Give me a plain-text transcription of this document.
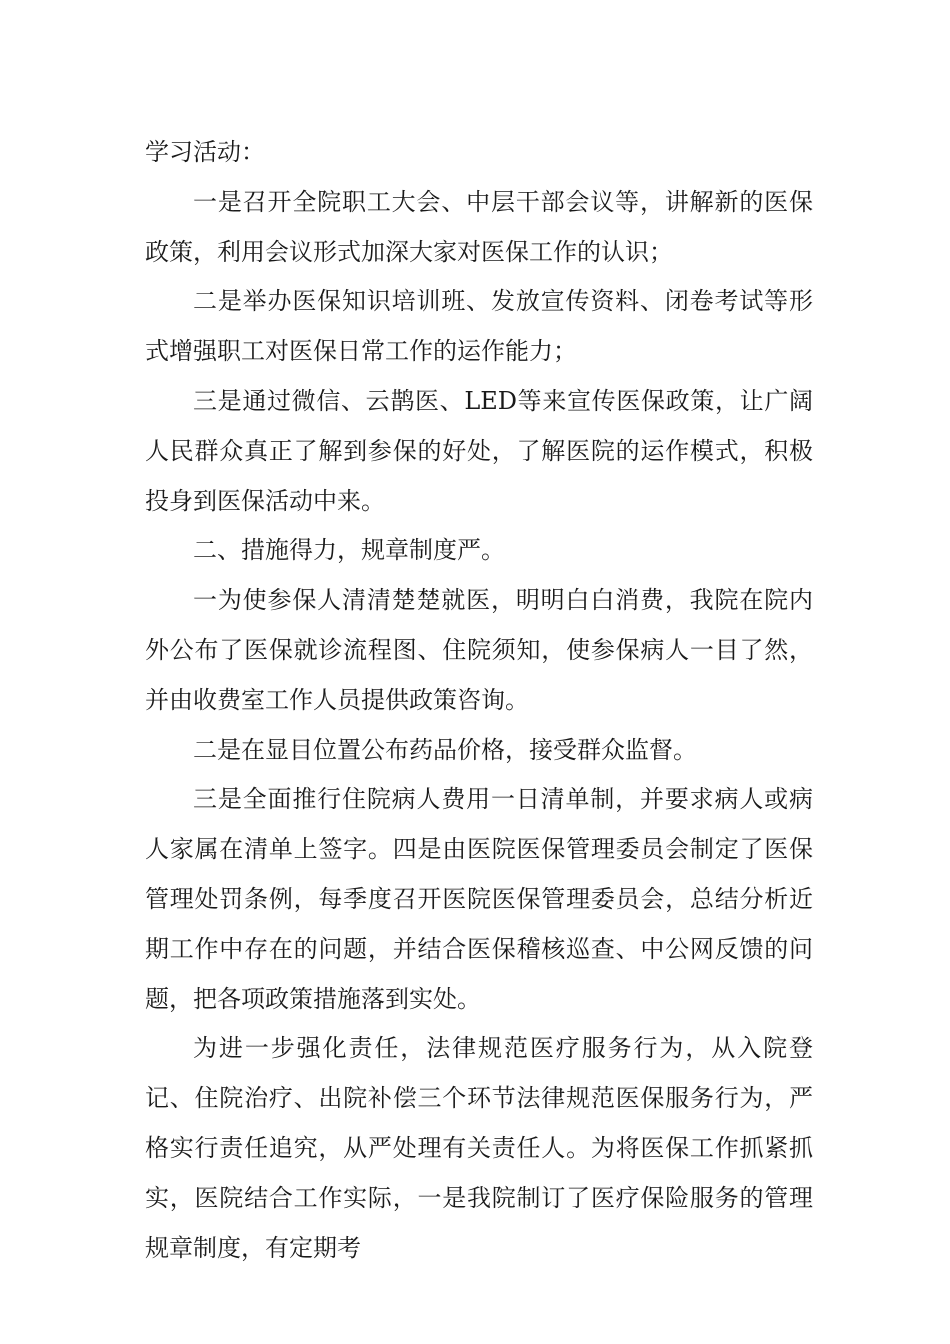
学习活动：

一是召开全院职工大会、中层干部会议等，讲解新的医保政策，利用会议形式加深大家对医保工作的认识；

二是举办医保知识培训班、发放宣传资料、闭卷考试等形式增强职工对医保日常工作的运作能力；

三是通过微信、云鹊医、LED等来宣传医保政策，让广阔人民群众真正了解到参保的好处，了解医院的运作模式，积极投身到医保活动中来。

二、措施得力，规章制度严。

一为使参保人清清楚楚就医，明明白白消费，我院在院内外公布了医保就诊流程图、住院须知，使参保病人一目了然，并由收费室工作人员提供政策咨询。

二是在显目位置公布药品价格，接受群众监督。

三是全面推行住院病人费用一日清单制，并要求病人或病人家属在清单上签字。四是由医院医保管理委员会制定了医保管理处罚条例，每季度召开医院医保管理委员会，总结分析近期工作中存在的问题，并结合医保稽核巡查、中公网反馈的问题，把各项政策措施落到实处。

为进一步强化责任，法律规范医疗服务行为，从入院登记、住院治疗、出院补偿三个环节法律规范医保服务行为，严格实行责任追究，从严处理有关责任人。为将医保工作抓紧抓实，医院结合工作实际，一是我院制订了医疗保险服务的管理规章制度，有定期考
